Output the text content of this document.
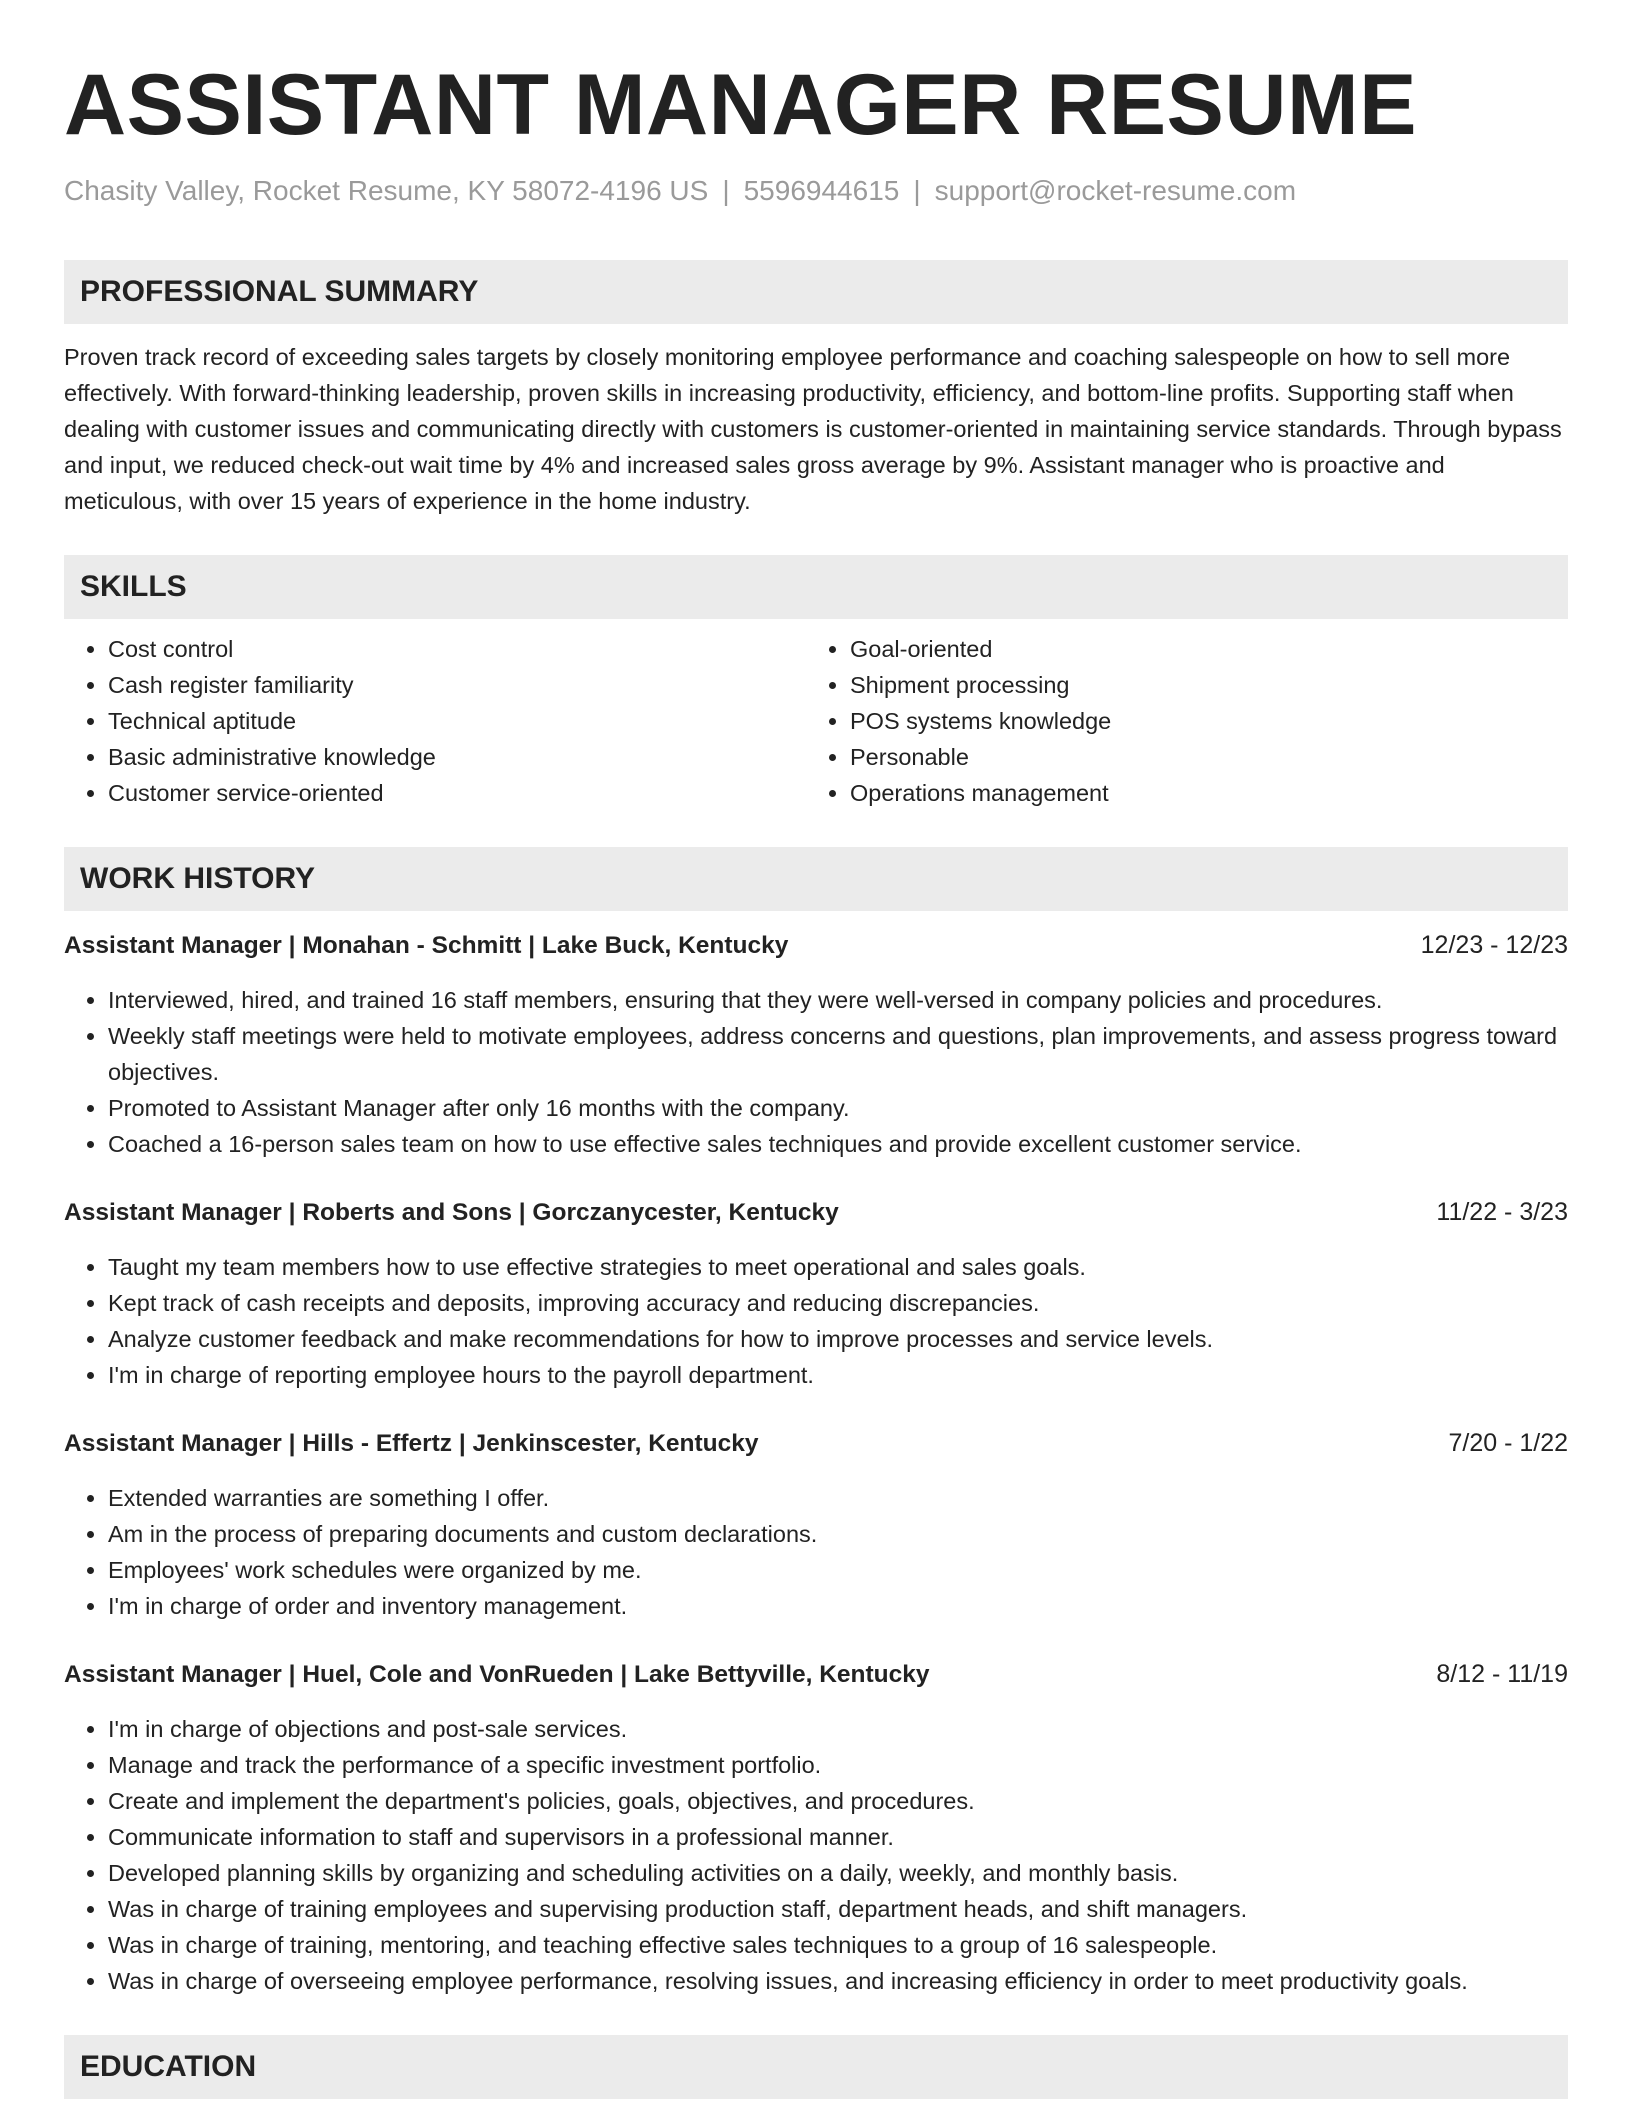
ASSISTANT MANAGER RESUME
Chasity Valley, Rocket Resume, KY 58072-4196 US | 5596944615 | support@rocket-resume.com
PROFESSIONAL SUMMARY

Proven track record of exceeding sales targets by closely monitoring employee performance and coaching salespeople on how to sell more effectively. With forward-thinking leadership, proven skills in increasing productivity, efficiency, and bottom-line profits. Supporting staff when dealing with customer issues and communicating directly with customers is customer-oriented in maintaining service standards. Through bypass and input, we reduced check-out wait time by 4% and increased sales gross average by 9%. Assistant manager who is proactive and meticulous, with over 15 years of experience in the home industry.

SKILLS
• Cost control
• Cash register familiarity
• Technical aptitude
• Basic administrative knowledge
• Customer service-oriented
• Goal-oriented
• Shipment processing
• POS systems knowledge
• Personable
• Operations management
WORK HISTORY
Assistant Manager | Monahan - Schmitt | Lake Buck, Kentucky	12/23 - 12/23
• Interviewed, hired, and trained 16 staff members, ensuring that they were well-versed in company policies and procedures.
• Weekly staff meetings were held to motivate employees, address concerns and questions, plan improvements, and assess progress toward objectives.
• Promoted to Assistant Manager after only 16 months with the company.
• Coached a 16-person sales team on how to use effective sales techniques and provide excellent customer service.
Assistant Manager | Roberts and Sons | Gorczanycester, Kentucky	11/22 - 3/23
• Taught my team members how to use effective strategies to meet operational and sales goals.
• Kept track of cash receipts and deposits, improving accuracy and reducing discrepancies.
• Analyze customer feedback and make recommendations for how to improve processes and service levels.
• I'm in charge of reporting employee hours to the payroll department.
Assistant Manager | Hills - Effertz | Jenkinscester, Kentucky	7/20 - 1/22
• Extended warranties are something I offer.
• Am in the process of preparing documents and custom declarations.
• Employees' work schedules were organized by me.
• I'm in charge of order and inventory management.
Assistant Manager | Huel, Cole and VonRueden | Lake Bettyville, Kentucky	8/12 - 11/19
• I'm in charge of objections and post-sale services.
• Manage and track the performance of a specific investment portfolio.
• Create and implement the department's policies, goals, objectives, and procedures.
• Communicate information to staff and supervisors in a professional manner.
• Developed planning skills by organizing and scheduling activities on a daily, weekly, and monthly basis.
• Was in charge of training employees and supervising production staff, department heads, and shift managers.
• Was in charge of training, mentoring, and teaching effective sales techniques to a group of 16 salespeople.
• Was in charge of overseeing employee performance, resolving issues, and increasing efficiency in order to meet productivity goals.
EDUCATION
